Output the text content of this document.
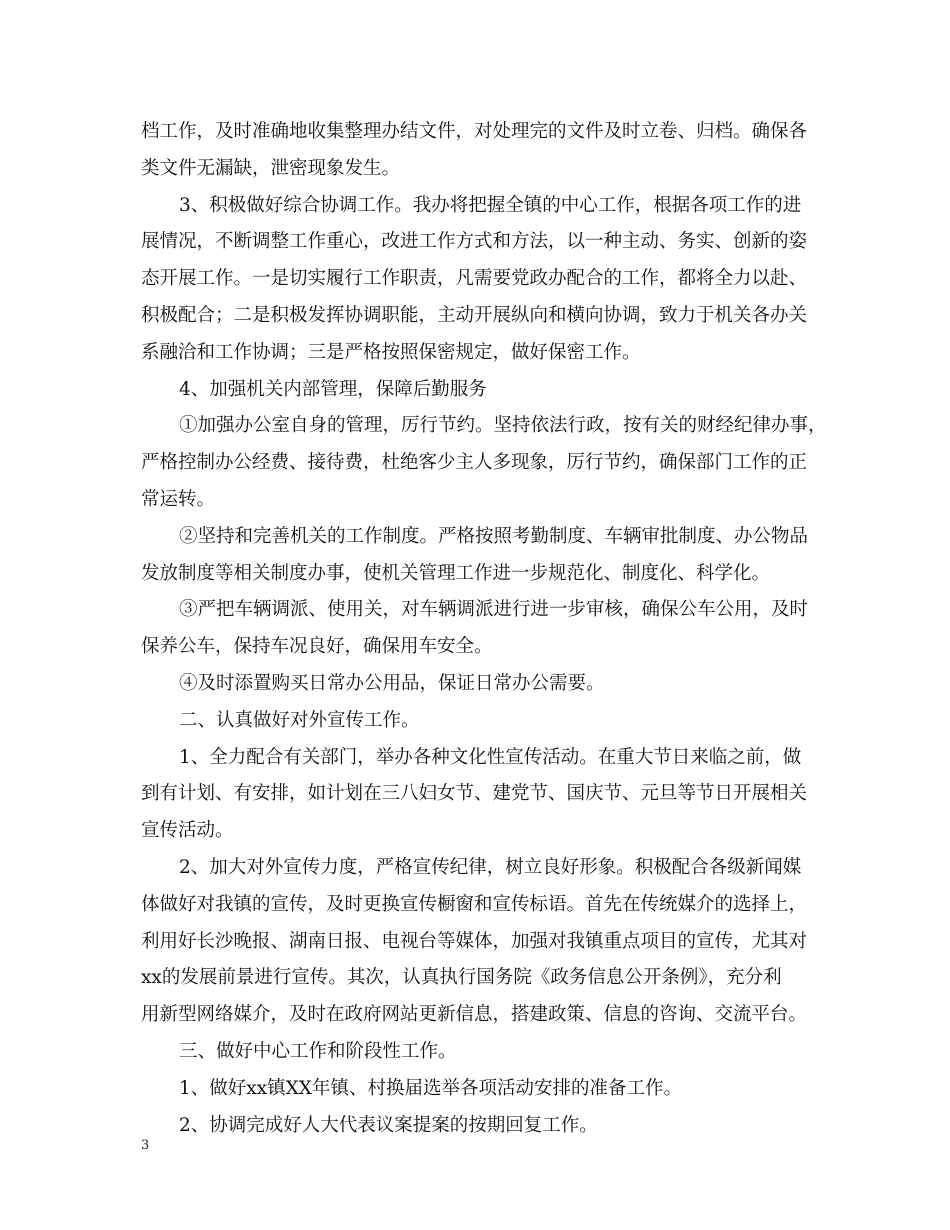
档工作，及时准确地收集整理办结文件，对处理完的文件及时立卷、归档。确保各
类文件无漏缺，泄密现象发生。
3、积极做好综合协调工作。我办将把握全镇的中心工作，根据各项工作的进
展情况，不断调整工作重心，改进工作方式和方法，以一种主动、务实、创新的姿
态开展工作。一是切实履行工作职责，凡需要党政办配合的工作，都将全力以赴、
积极配合；二是积极发挥协调职能，主动开展纵向和横向协调，致力于机关各办关
系融洽和工作协调；三是严格按照保密规定，做好保密工作。
4、加强机关内部管理，保障后勤服务
①加强办公室自身的管理，厉行节约。坚持依法行政，按有关的财经纪律办事，
严格控制办公经费、接待费，杜绝客少主人多现象，厉行节约，确保部门工作的正
常运转。
②坚持和完善机关的工作制度。严格按照考勤制度、车辆审批制度、办公物品
发放制度等相关制度办事，使机关管理工作进一步规范化、制度化、科学化。
③严把车辆调派、使用关，对车辆调派进行进一步审核，确保公车公用，及时
保养公车，保持车况良好，确保用车安全。
④及时添置购买日常办公用品，保证日常办公需要。
二、认真做好对外宣传工作。
1、全力配合有关部门，举办各种文化性宣传活动。在重大节日来临之前，做
到有计划、有安排，如计划在三八妇女节、建党节、国庆节、元旦等节日开展相关
宣传活动。
2、加大对外宣传力度，严格宣传纪律，树立良好形象。积极配合各级新闻媒
体做好对我镇的宣传，及时更换宣传橱窗和宣传标语。首先在传统媒介的选择上，
利用好长沙晚报、湖南日报、电视台等媒体，加强对我镇重点项目的宣传，尤其对
xx的发展前景进行宣传。其次，认真执行国务院《政务信息公开条例》，充分利
用新型网络媒介，及时在政府网站更新信息，搭建政策、信息的咨询、交流平台。
三、做好中心工作和阶段性工作。
1、做好xx镇XX年镇、村换届选举各项活动安排的准备工作。
2、协调完成好人大代表议案提案的按期回复工作。
3
